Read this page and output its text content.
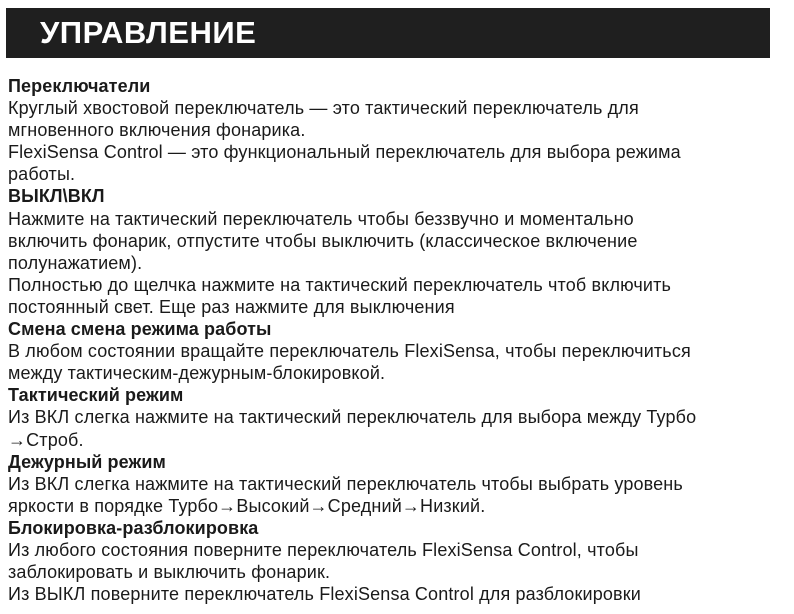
УПРАВЛЕНИЕ
Переключатели
Круглый хвостовой переключатель — это тактический переключатель для
мгновенного включения фонарика.
FlexiSensa Control — это функциональный переключатель для выбора режима
работы.
ВЫКЛ\ВКЛ
Нажмите на тактический переключатель чтобы беззвучно и моментально
включить фонарик, отпустите чтобы выключить (классическое включение
полунажатием).
Полностью до щелчка нажмите на тактический переключатель чтоб включить
постоянный свет. Еще раз нажмите для выключения
Смена смена режима работы
В любом состоянии вращайте переключатель FlexiSensa, чтобы переключиться
между тактическим-дежурным-блокировкой.
Тактический режим
Из ВКЛ слегка нажмите на тактический переключатель для выбора между Турбо
→Строб.
Дежурный режим
Из ВКЛ слегка нажмите на тактический переключатель чтобы выбрать уровень
яркости в порядке Турбо→Высокий→Средний→Низкий.
Блокировка-разблокировка
Из любого состояния поверните переключатель FlexiSensa Control, чтобы
заблокировать и выключить фонарик.
Из ВЫКЛ поверните переключатель FlexiSensa Control для разблокировки
